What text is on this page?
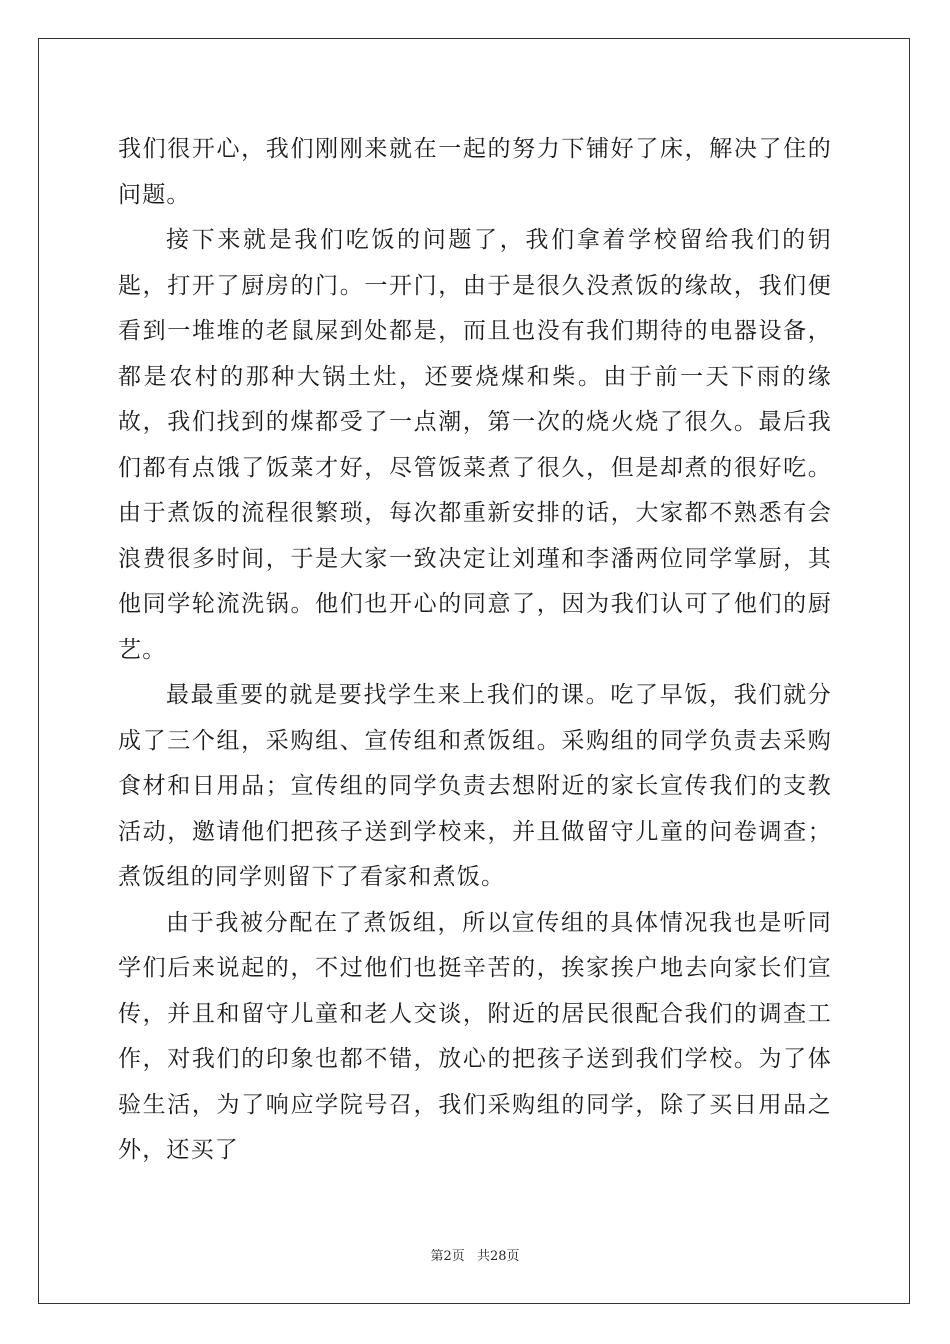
我们很开心，我们刚刚来就在一起的努力下铺好了床，解决了住的问题。

接下来就是我们吃饭的问题了，我们拿着学校留给我们的钥匙，打开了厨房的门。一开门，由于是很久没煮饭的缘故，我们便看到一堆堆的老鼠屎到处都是，而且也没有我们期待的电器设备，都是农村的那种大锅土灶，还要烧煤和柴。由于前一天下雨的缘故，我们找到的煤都受了一点潮，第一次的烧火烧了很久。最后我们都有点饿了饭菜才好，尽管饭菜煮了很久，但是却煮的很好吃。由于煮饭的流程很繁琐，每次都重新安排的话，大家都不熟悉有会浪费很多时间，于是大家一致决定让刘瑾和李潘两位同学掌厨，其他同学轮流洗锅。他们也开心的同意了，因为我们认可了他们的厨艺。

最最重要的就是要找学生来上我们的课。吃了早饭，我们就分成了三个组，采购组、宣传组和煮饭组。采购组的同学负责去采购食材和日用品；宣传组的同学负责去想附近的家长宣传我们的支教活动，邀请他们把孩子送到学校来，并且做留守儿童的问卷调查；煮饭组的同学则留下了看家和煮饭。

由于我被分配在了煮饭组，所以宣传组的具体情况我也是听同学们后来说起的，不过他们也挺辛苦的，挨家挨户地去向家长们宣传，并且和留守儿童和老人交谈，附近的居民很配合我们的调查工作，对我们的印象也都不错，放心的把孩子送到我们学校。为了体验生活，为了响应学院号召，我们采购组的同学，除了买日用品之外，还买了

第2页 共28页
